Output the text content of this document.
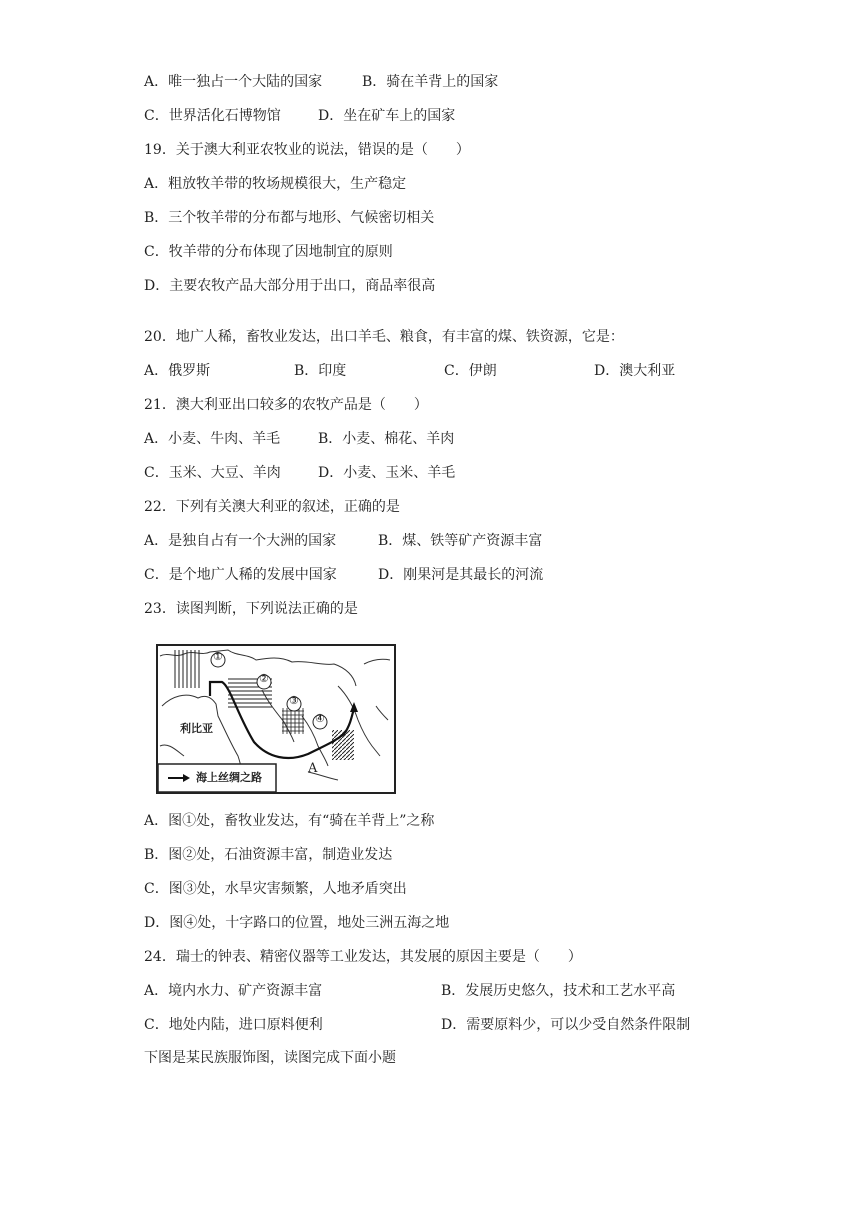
A．唯一独占一个大陆的国家	B．骑在羊背上的国家
C．世界活化石博物馆	D．坐在矿车上的国家
19．关于澳大利亚农牧业的说法，错误的是（　　）
A．粗放牧羊带的牧场规模很大，生产稳定
B．三个牧羊带的分布都与地形、气候密切相关
C．牧羊带的分布体现了因地制宜的原则
D．主要农牧产品大部分用于出口，商品率很高
20．地广人稀，畜牧业发达，出口羊毛、粮食，有丰富的煤、铁资源，它是：
A．俄罗斯	B．印度	C．伊朗	D．澳大利亚
21．澳大利亚出口较多的农牧产品是（　　）
A．小麦、牛肉、羊毛	B．小麦、棉花、羊肉
C．玉米、大豆、羊肉	D．小麦、玉米、羊毛
22．下列有关澳大利亚的叙述，正确的是
A．是独自占有一个大洲的国家	B．煤、铁等矿产资源丰富
C．是个地广人稀的发展中国家	D．刚果河是其最长的河流
23．读图判断，下列说法正确的是
①
②
③
④
利比亚
A
海上丝绸之路
A．图①处，畜牧业发达，有“骑在羊背上”之称
B．图②处，石油资源丰富，制造业发达
C．图③处，水旱灾害频繁，人地矛盾突出
D．图④处，十字路口的位置，地处三洲五海之地
24．瑞士的钟表、精密仪器等工业发达，其发展的原因主要是（　　）
A．境内水力、矿产资源丰富	B．发展历史悠久，技术和工艺水平高
C．地处内陆，进口原料便利	D．需要原料少，可以少受自然条件限制
下图是某民族服饰图，读图完成下面小题
